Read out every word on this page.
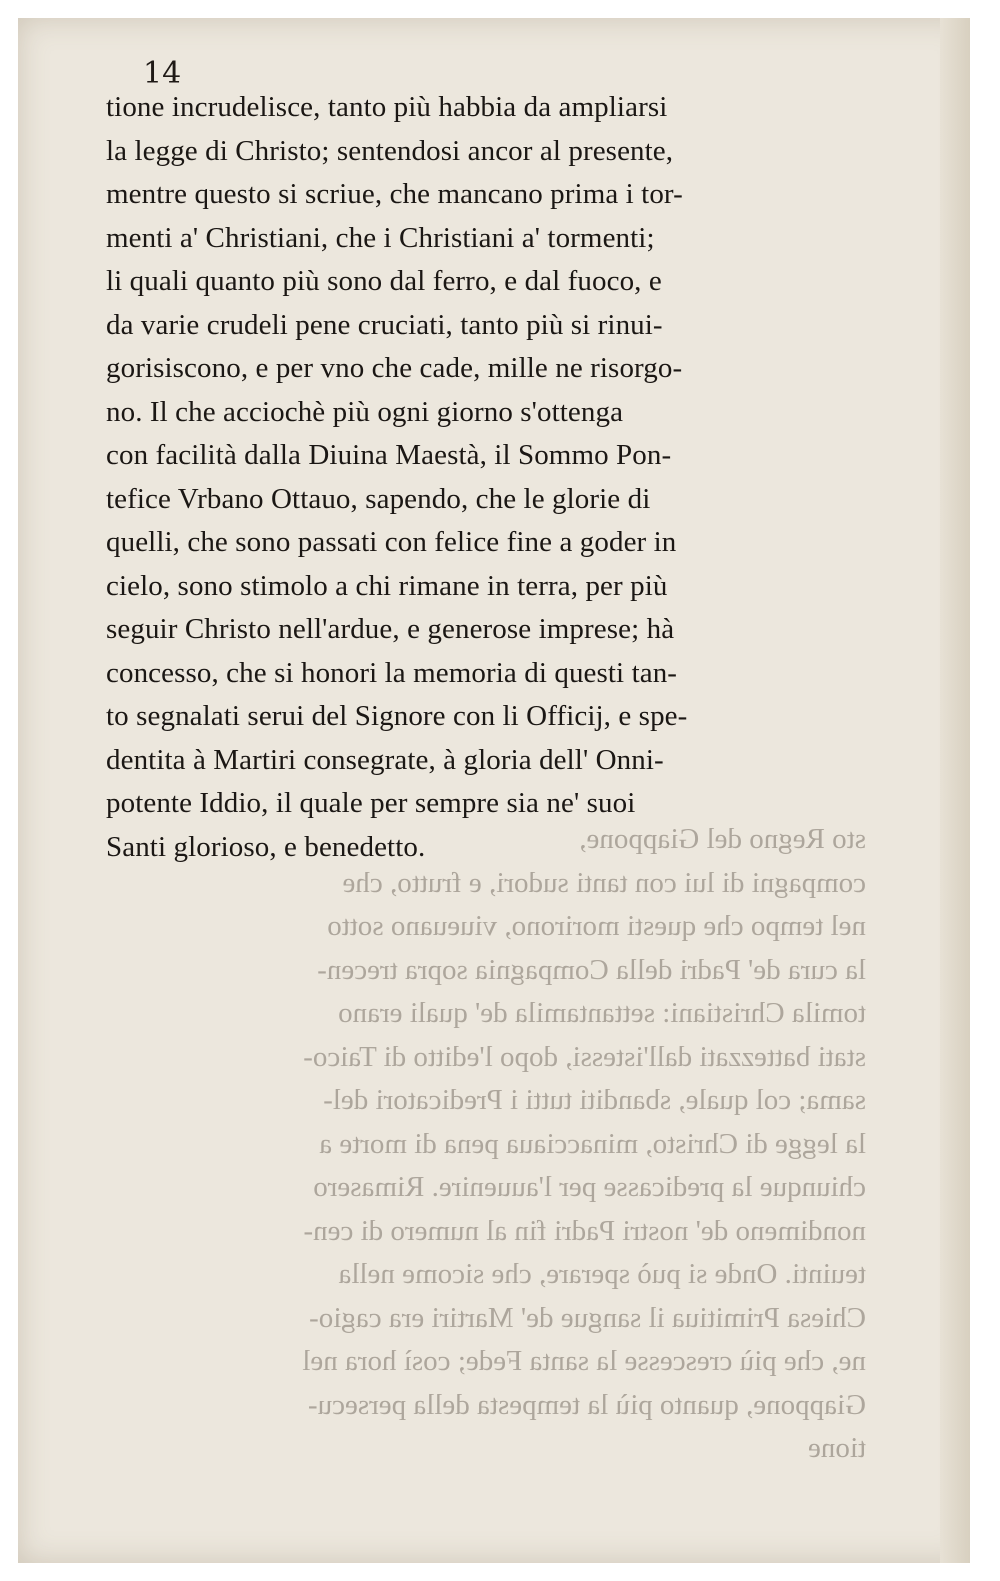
sto Regno del Giappone,
compagni di lui con tanti sudori, e frutto, che
nel tempo che questi morirono, viueuano sotto
la cura de' Padri della Compagnia sopra trecen-
tomila Christiani: settantamila de' quali erano
stati battezzati dall'istessi, dopo l'editto di Taico-
sama; col quale, sbanditi tutti i Predicatori del-
la legge di Christo, minacciaua pena di morte a
chiunque la predicasse per l'auuenire. Rimasero
nondimeno de' nostri Padri fin al numero di cen-
teuinti. Onde si può sperare, che sicome nella
Chiesa Primitiua il sangue de' Martiri era cagio-
ne, che più crescesse la santa Fede; così hora nel
Giappone, quanto più la tempesta della persecu-
tione
14
tione incrudelisce, tanto più habbia da ampliarsi
la legge di Christo; sentendosi ancor al presente,
mentre questo si scriue, che mancano prima i tor-
menti a' Christiani, che i Christiani a' tormenti;
li quali quanto più sono dal ferro, e dal fuoco, e
da varie crudeli pene cruciati, tanto più si rinui-
gorisiscono, e per vno che cade, mille ne risorgo-
no. Il che acciochè più ogni giorno s'ottenga
con facilità dalla Diuina Maestà, il Sommo Pon-
tefice Vrbano Ottauo, sapendo, che le glorie di
quelli, che sono passati con felice fine a goder in
cielo, sono stimolo a chi rimane in terra, per più
seguir Christo nell'ardue, e generose imprese; hà
concesso, che si honori la memoria di questi tan-
to segnalati serui del Signore con li Officij, e spe-
dentita à Martiri consegrate, à gloria dell' Onni-
potente Iddio, il quale per sempre sia ne' suoi
Santi glorioso, e benedetto.
